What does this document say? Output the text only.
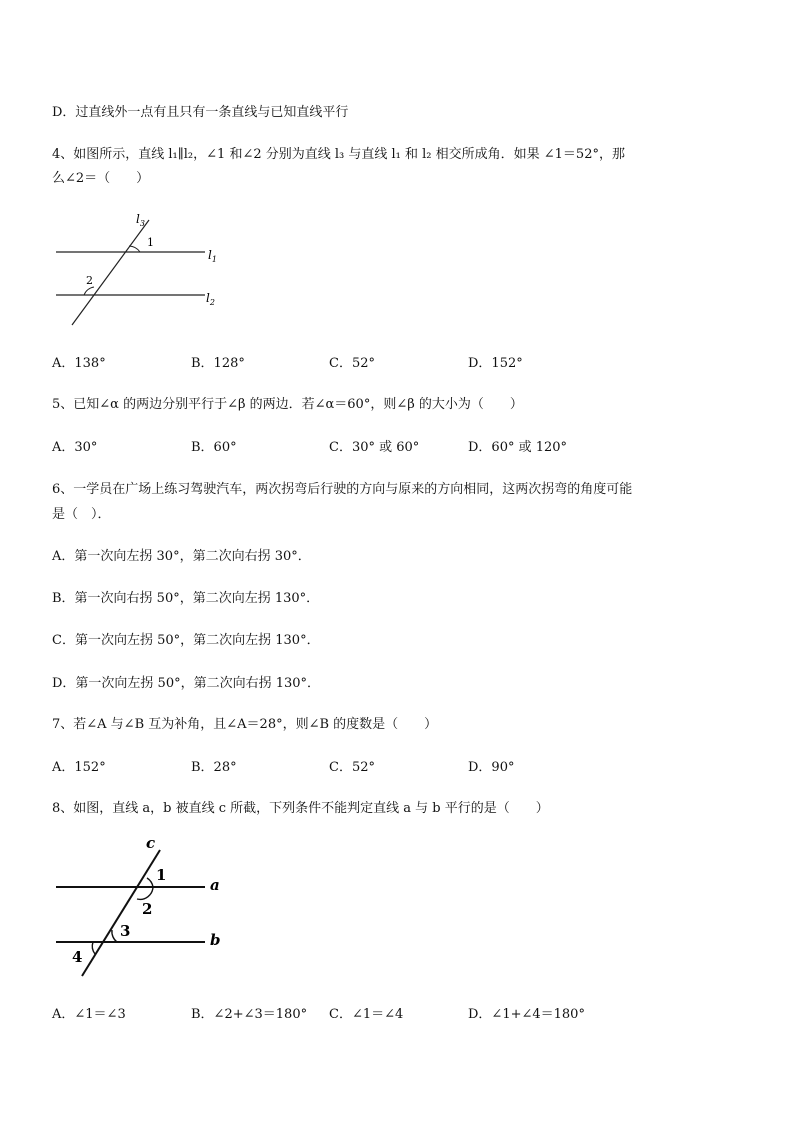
D．过直线外一点有且只有一条直线与已知直线平行
4、如图所示，直线 l₁∥l₂，∠1 和∠2 分别为直线 l₃ 与直线 l₁ 和 l₂ 相交所成角．如果 ∠1＝52°，那
么∠2＝（　　）
$l_3$
1
2
$l_1$
$l_2$
A．138°	B．128°	C．52°	D．152°
5、已知∠α 的两边分别平行于∠β 的两边．若∠α＝60°，则∠β 的大小为（　　）
A．30°	B．60°	C．30° 或 60°	D．60° 或 120°
6、一学员在广场上练习驾驶汽车，两次拐弯后行驶的方向与原来的方向相同，这两次拐弯的角度可能
是（　）．
A．第一次向左拐 30°，第二次向右拐 30°．
B．第一次向右拐 50°，第二次向左拐 130°．
C．第一次向左拐 50°，第二次向左拐 130°．
D．第一次向左拐 50°，第二次向右拐 130°．
7、若∠A 与∠B 互为补角，且∠A＝28°，则∠B 的度数是（　　）
A．152°	B．28°	C．52°	D．90°
8、如图，直线 a，b 被直线 c 所截，下列条件不能判定直线 a 与 b 平行的是（　　）
c
1
2
3
4
a
b
A．∠1＝∠3	B．∠2+∠3＝180° C．∠1＝∠4	D．∠1+∠4＝180°
